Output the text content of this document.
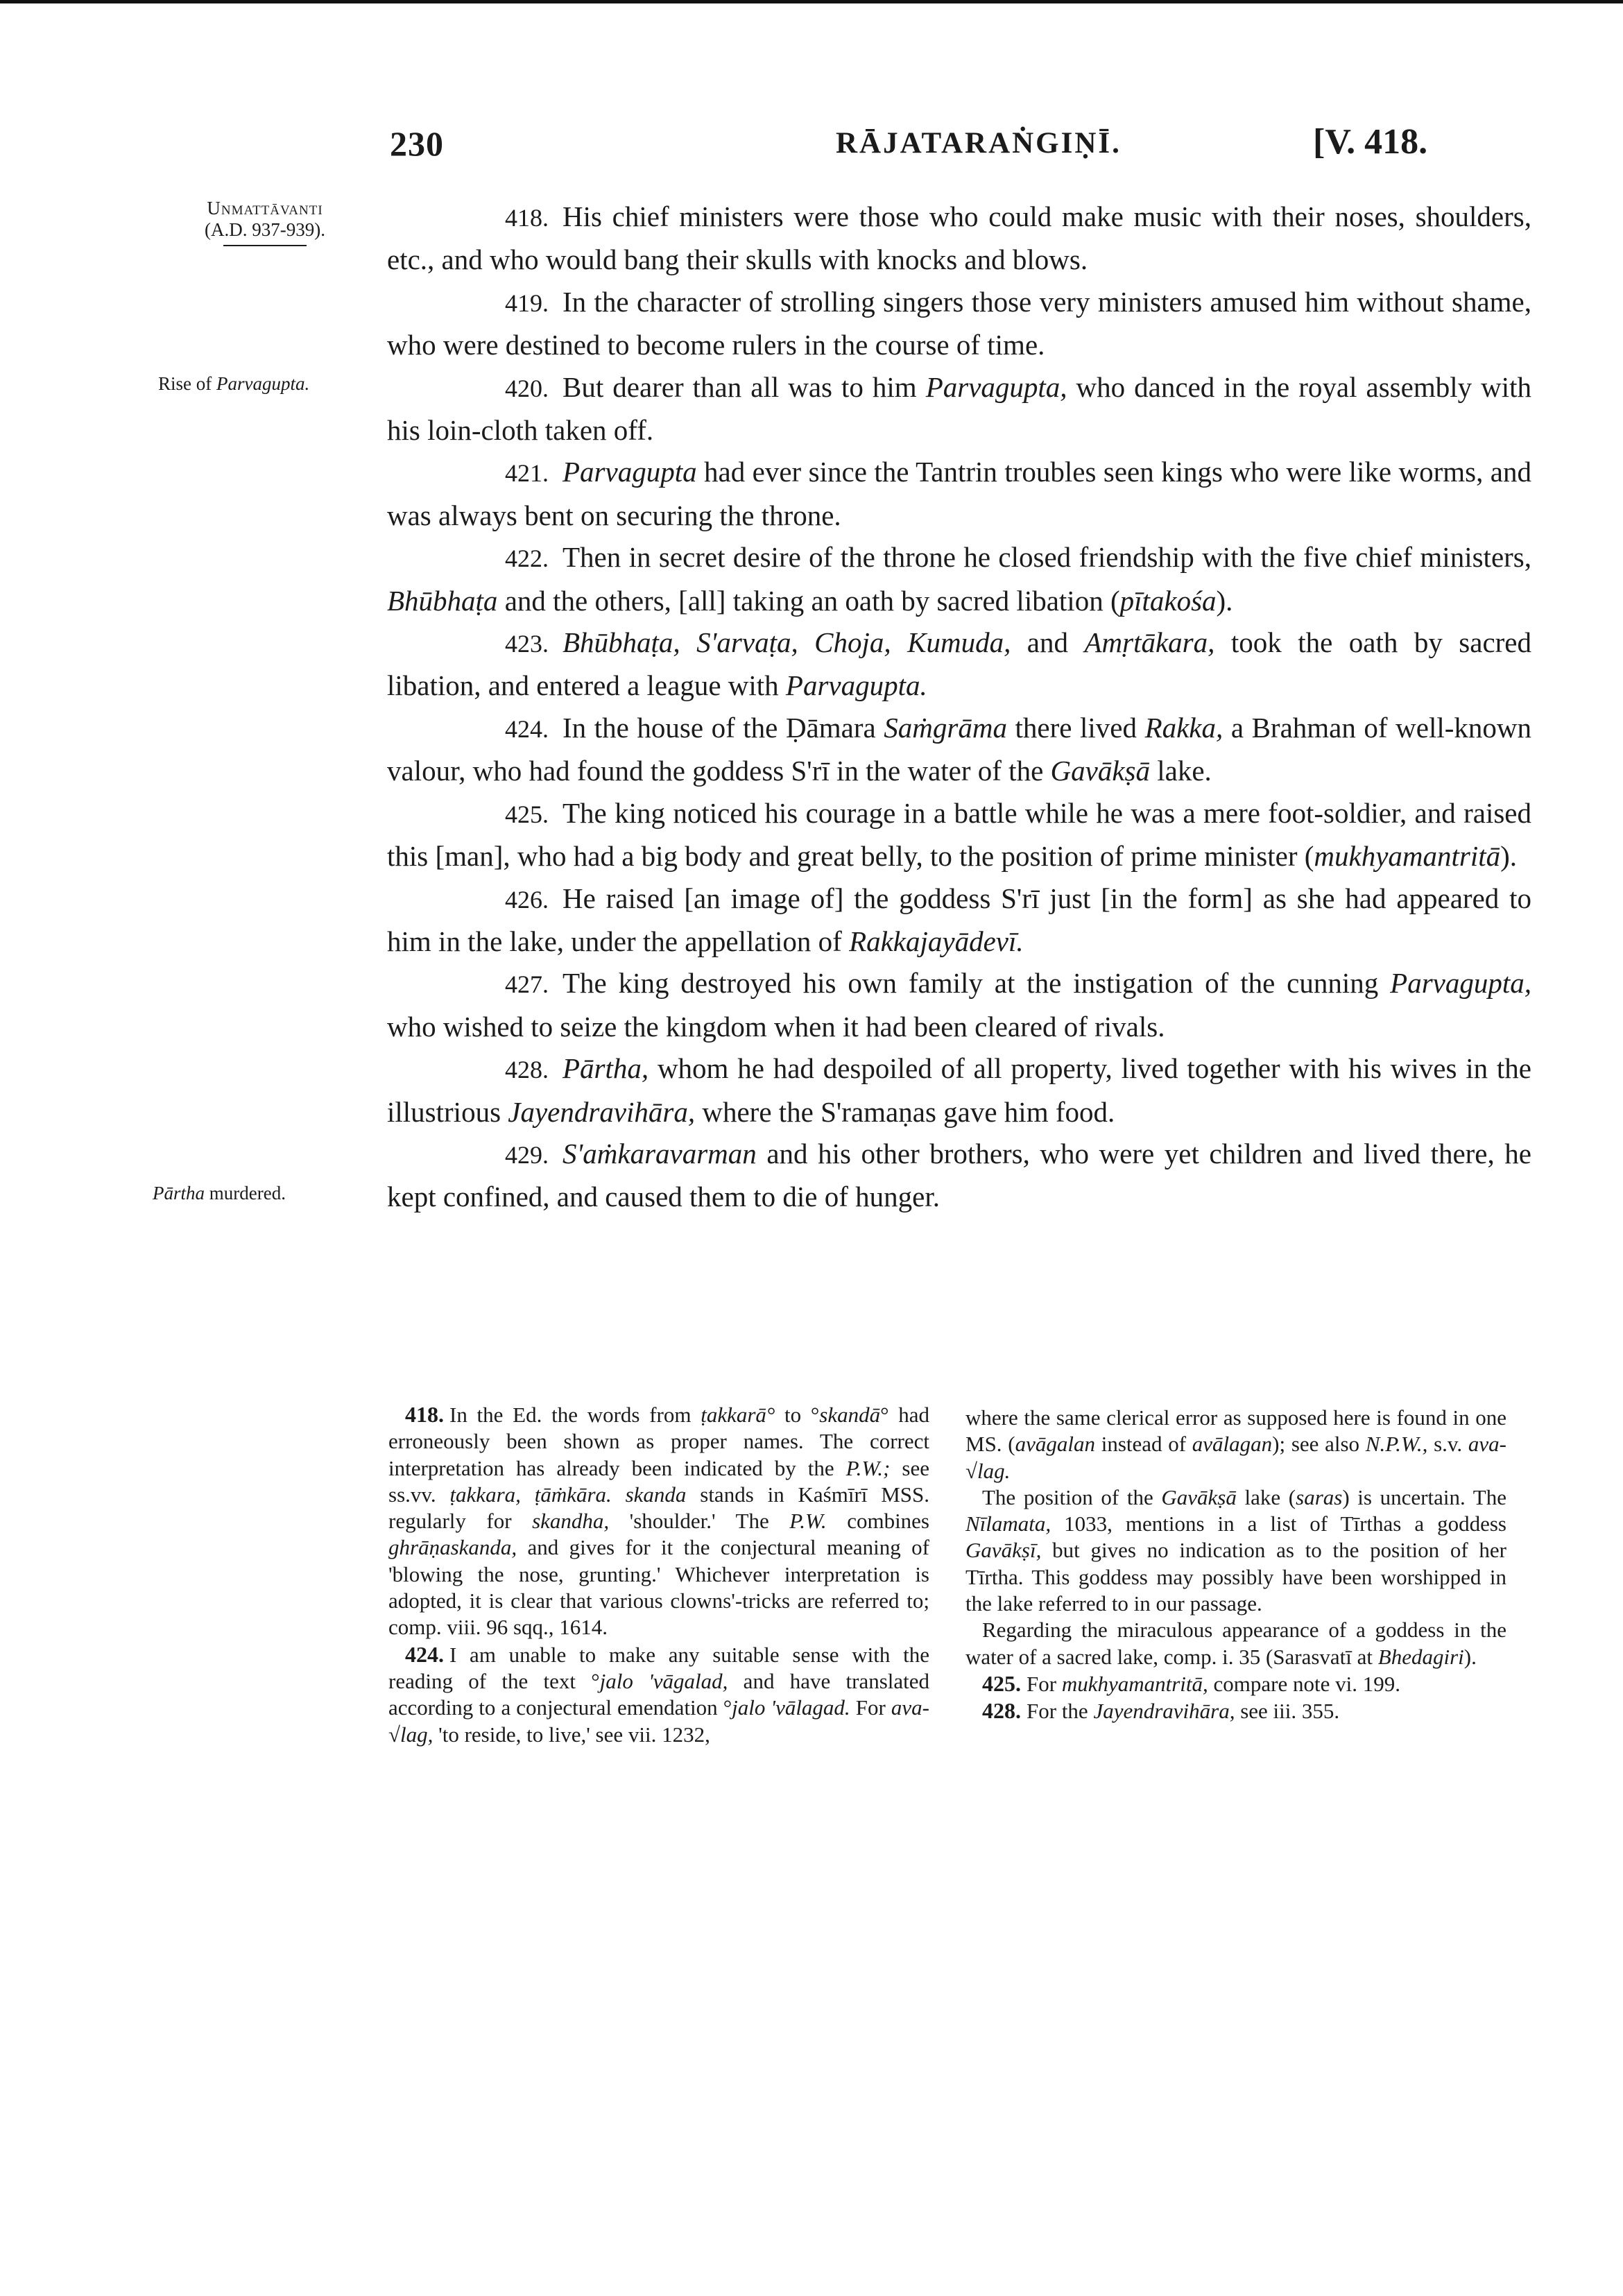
230	RĀJATARAṄGIṆĪ.	[V. 418.
Unmattāvanti
(A.D. 937-939).
Rise of Parvagupta.
Pārtha murdered.

418. His chief ministers were those who could make music with their noses, shoulders, etc., and who would bang their skulls with knocks and blows.

419. In the character of strolling singers those very ministers amused him without shame, who were destined to become rulers in the course of time.

420. But dearer than all was to him Parvagupta, who danced in the royal assembly with his loin-cloth taken off.

421. Parvagupta had ever since the Tantrin troubles seen kings who were like worms, and was always bent on securing the throne.

422. Then in secret desire of the throne he closed friendship with the five chief ministers, Bhūbhaṭa and the others, [all] taking an oath by sacred libation (pītakośa).

423. Bhūbhaṭa, S'arvaṭa, Choja, Kumuda, and Amṛtākara, took the oath by sacred libation, and entered a league with Parvagupta.

424. In the house of the Ḍāmara Saṁgrāma there lived Rakka, a Brahman of well-known valour, who had found the goddess S'rī in the water of the Gavākṣā lake.

425. The king noticed his courage in a battle while he was a mere foot-soldier, and raised this [man], who had a big body and great belly, to the position of prime minister (mukhyamantritā).

426. He raised [an image of] the goddess S'rī just [in the form] as she had appeared to him in the lake, under the appellation of Rakkajayādevī.

427. The king destroyed his own family at the instigation of the cunning Parvagupta, who wished to seize the kingdom when it had been cleared of rivals.

428. Pārtha, whom he had despoiled of all property, lived together with his wives in the illustrious Jayendravihāra, where the S'ramaṇas gave him food.

429. S'aṁkaravarman and his other brothers, who were yet children and lived there, he kept confined, and caused them to die of hunger.

418. In the Ed. the words from ṭakkarā° to °skandā° had erroneously been shown as proper names. The correct interpretation has already been indicated by the P.W.; see ss.vv. ṭakkara, ṭāṁkāra. skanda stands in Kaśmīrī MSS. regularly for skandha, 'shoulder.' The P.W. combines ghrāṇaskanda, and gives for it the conjectural meaning of 'blowing the nose, grunting.' Whichever interpretation is adopted, it is clear that various clowns'-tricks are referred to; comp. viii. 96 sqq., 1614.

424. I am unable to make any suitable sense with the reading of the text °jalo 'vāgalad, and have translated according to a conjectural emendation °jalo 'vālagad. For ava-√lag, 'to reside, to live,' see vii. 1232,

where the same clerical error as supposed here is found in one MS. (avāgalan instead of avālagan); see also N.P.W., s.v. ava-√lag.

The position of the Gavākṣā lake (saras) is uncertain. The Nīlamata, 1033, mentions in a list of Tīrthas a goddess Gavākṣī, but gives no indication as to the position of her Tīrtha. This goddess may possibly have been worshipped in the lake referred to in our passage.

Regarding the miraculous appearance of a goddess in the water of a sacred lake, comp. i. 35 (Sarasvatī at Bhedagiri).

425. For mukhyamantritā, compare note vi. 199.

428. For the Jayendravihāra, see iii. 355.
